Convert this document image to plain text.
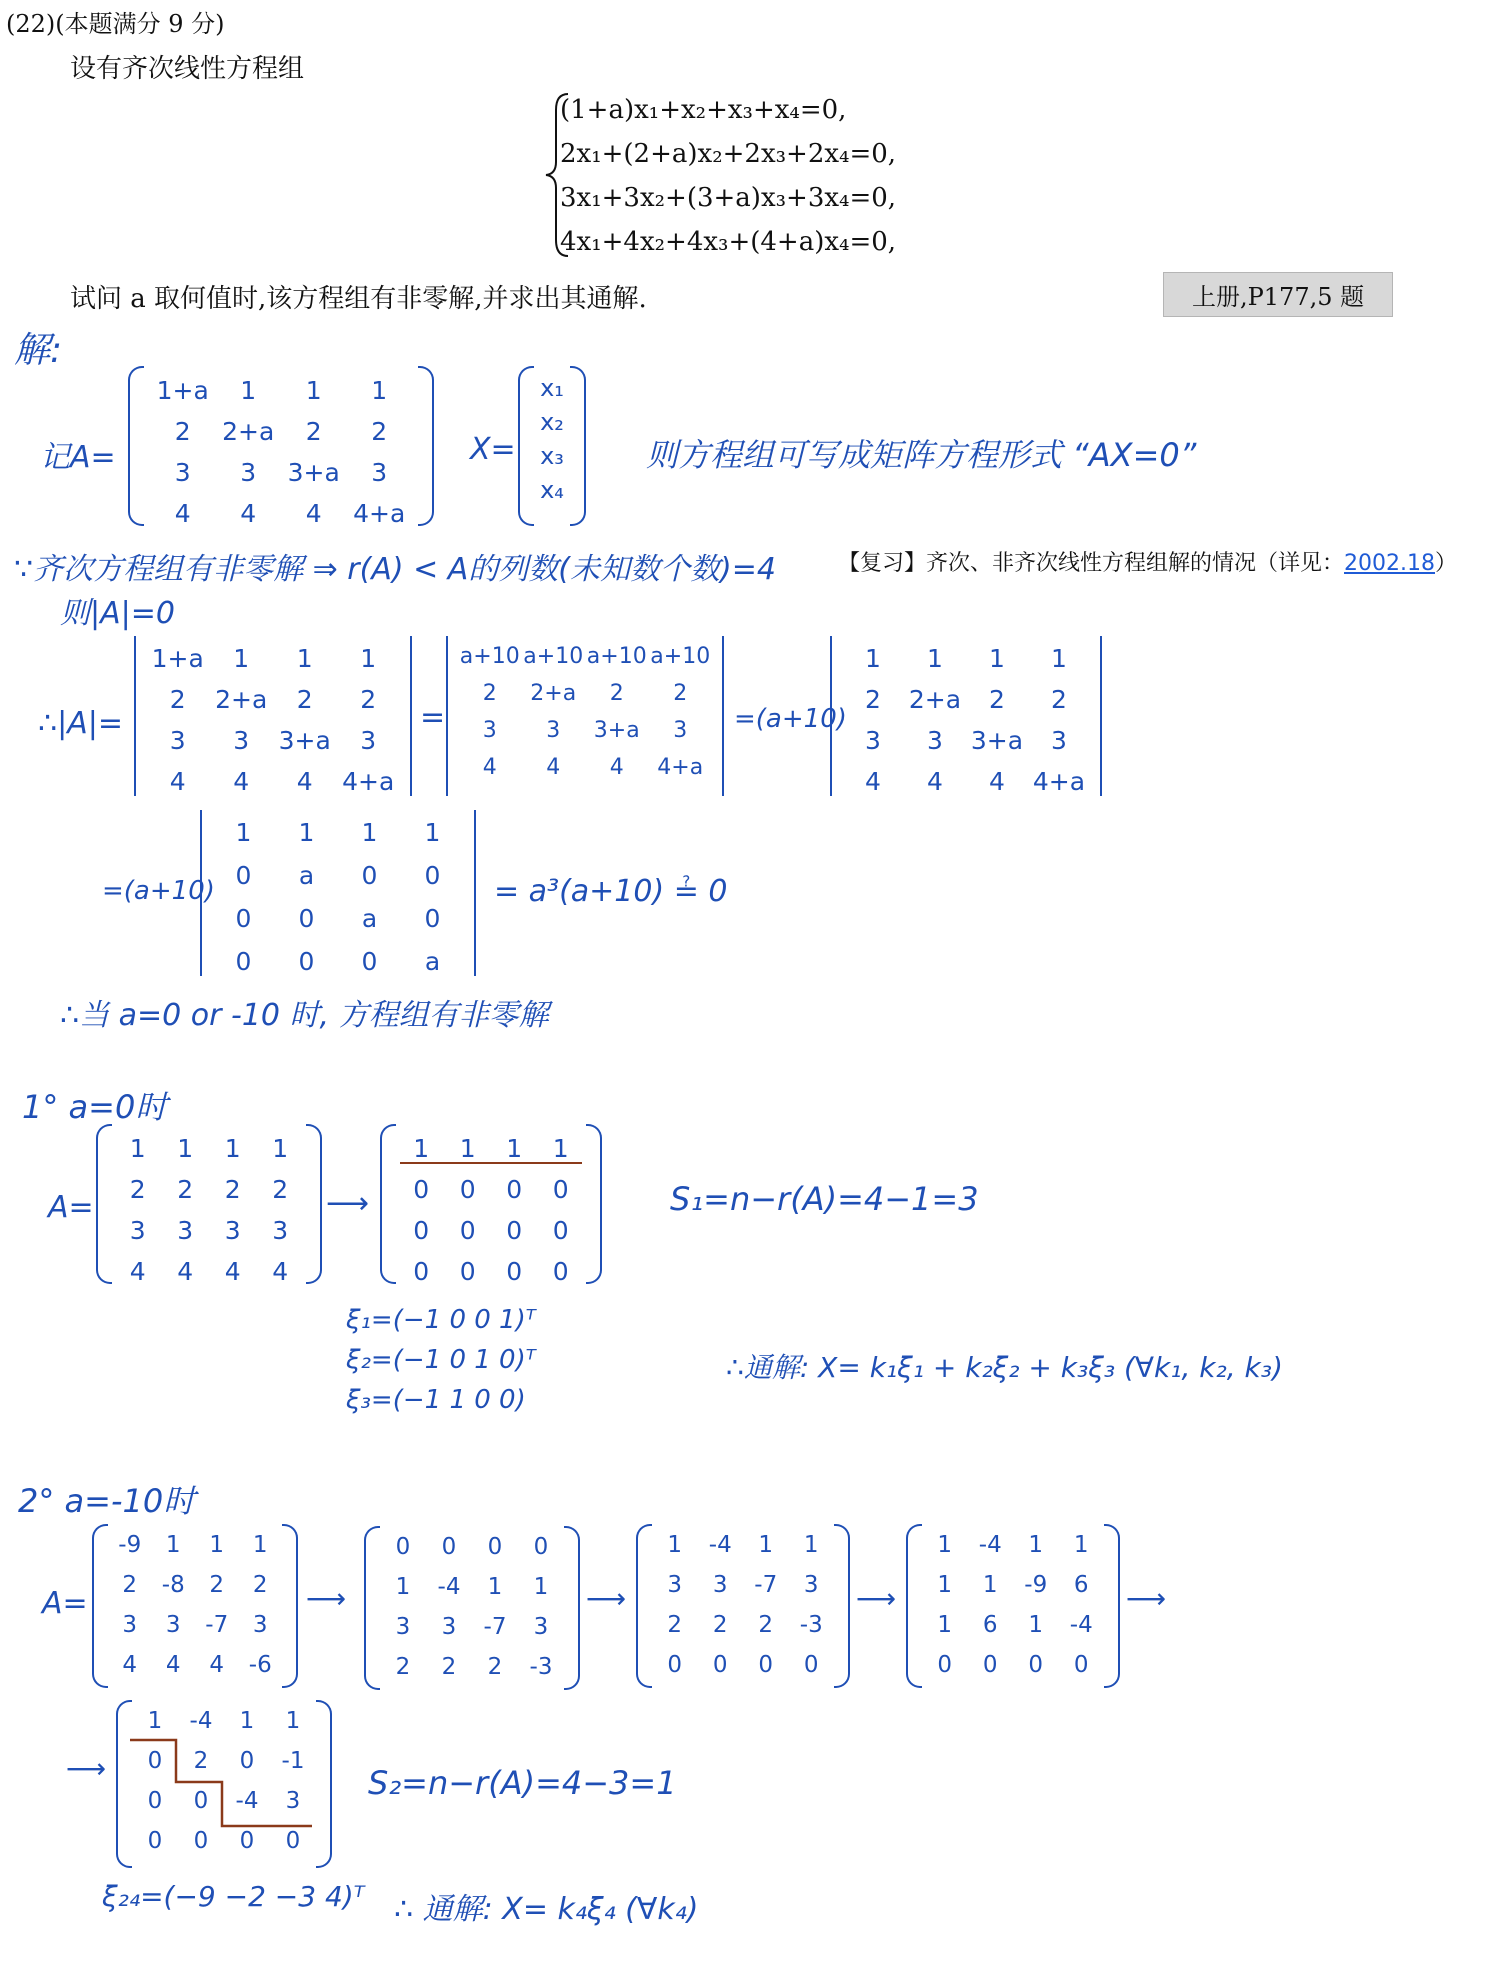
(22)(本题满分 9 分)
设有齐次线性方程组
(1+a)x₁+x₂+x₃+x₄=0,
2x₁+(2+a)x₂+2x₃+2x₄=0,
3x₁+3x₂+(3+a)x₃+3x₄=0,
4x₁+4x₂+4x₃+(4+a)x₄=0,
试问 a 取何值时,该方程组有非零解,并求出其通解.	上册,P177,5 题
解:
记A=
1+a	1	1	1
2	2+a	2	2
3	3	3+a	3
4	4	4	4+a
X=
x₁
x₂
x₃
x₄
则方程组可写成矩阵方程形式 “AX=0”
∵齐次方程组有非零解 ⇒ r(A) < A的列数(未知数个数)=4	【复习】齐次、非齐次线性方程组解的情况（详见：2002.18）
则|A|=0
∴|A|=
1+a	1	1	1
2	2+a	2	2
3	3	3+a	3
4	4	4	4+a
=
a+10 a+10 a+10 a+10
2	2+a	2	2
3	3	3+a	3
4	4	4	4+a
=(a+10)
1	1	1	1
2	2+a	2	2
3	3	3+a	3
4	4	4	4+a
=(a+10)
1	1	1	1
0	a	0	0
0	0	a	0
0	0	0	a
= a³(a+10) ≟ 0
∴当 a=0 or -10 时, 方程组有非零解
1° a=0时
A=
1	1	1	1
2	2	2	2
3	3	3	3
4	4	4	4
⟶
1	1	1	1
0	0	0	0
0	0	0	0
0	0	0	0
S₁=n−r(A)=4−1=3
ξ₁=(−1 0 0 1)ᵀ
ξ₂=(−1 0 1 0)ᵀ
ξ₃=(−1 1 0 0)
∴通解: X= k₁ξ₁ + k₂ξ₂ + k₃ξ₃ (∀k₁, k₂, k₃)
2° a=-10时
A=
-9	1	1	1
2	-8	2	2
3	3	-7	3
4	4	4	-6
⟶
0	0	0	0
1	-4	1	1
3	3	-7	3
2	2	2	-3
⟶
1	-4	1	1
3	3	-7	3
2	2	2	-3
0	0	0	0
⟶
1	-4	1	1
1	1	-9	6
1	6	1	-4
0	0	0	0
⟶
⟶
1	-4	1	1
0	2	0	-1
0	0	-4	3
0	0	0	0
S₂=n−r(A)=4−3=1
ξ₂₄=(−9 −2 −3 4)ᵀ ∴ 通解: X= k₄ξ₄ (∀k₄)
